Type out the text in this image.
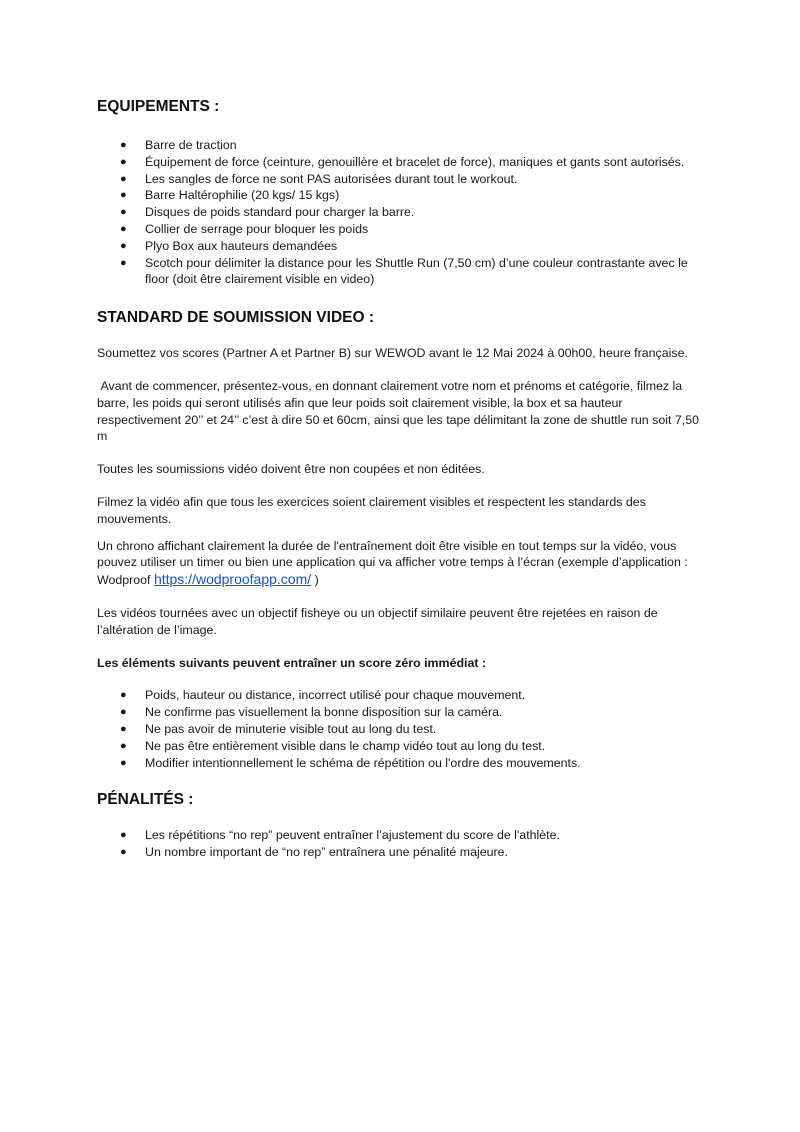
EQUIPEMENTS :
● Barre de traction
● Équipement de force (ceinture, genouillère et bracelet de force), maniques et gants sont autorisés.
● Les sangles de force ne sont PAS autorisées durant tout le workout.
● Barre Haltérophilie (20 kgs/ 15 kgs)
● Disques de poids standard pour charger la barre.
● Collier de serrage pour bloquer les poids
● Plyo Box aux hauteurs demandées
● Scotch pour délimiter la distance pour les Shuttle Run (7,50 cm) d’une couleur contrastante avec le floor (doit être clairement visible en video)
STANDARD DE SOUMISSION VIDEO :

Soumettez vos scores (Partner A et Partner B) sur WEWOD avant le 12 Mai 2024 à 00h00, heure française.

Avant de commencer, présentez-vous, en donnant clairement votre nom et prénoms et catégorie, filmez la barre, les poids qui seront utilisés afin que leur poids soit clairement visible, la box et sa hauteur respectivement 20’’ et 24’’ c’est à dire 50 et 60cm, ainsi que les tape délimitant la zone de shuttle run soit 7,50 m

Toutes les soumissions vidéo doivent être non coupées et non éditées.

Filmez la vidéo afin que tous les exercices soient clairement visibles et respectent les standards des mouvements.

Un chrono affichant clairement la durée de l'entraînement doit être visible en tout temps sur la vidéo, vous pouvez utiliser un timer ou bien une application qui va afficher votre temps à l’écran (exemple d’application : Wodproof https://wodproofapp.com/ )

Les vidéos tournées avec un objectif fisheye ou un objectif similaire peuvent être rejetées en raison de l’altération de l’image.

Les éléments suivants peuvent entraîner un score zéro immédiat :

● Poids, hauteur ou distance, incorrect utilisé pour chaque mouvement.
● Ne confirme pas visuellement la bonne disposition sur la caméra.
● Ne pas avoir de minuterie visible tout au long du test.
● Ne pas être entièrement visible dans le champ vidéo tout au long du test.
● Modifier intentionnellement le schéma de répétition ou l'ordre des mouvements.
PÉNALITÉS :
● Les répétitions “no rep” peuvent entraîner l’ajustement du score de l'athlète.
● Un nombre important de “no rep” entraînera une pénalité majeure.
